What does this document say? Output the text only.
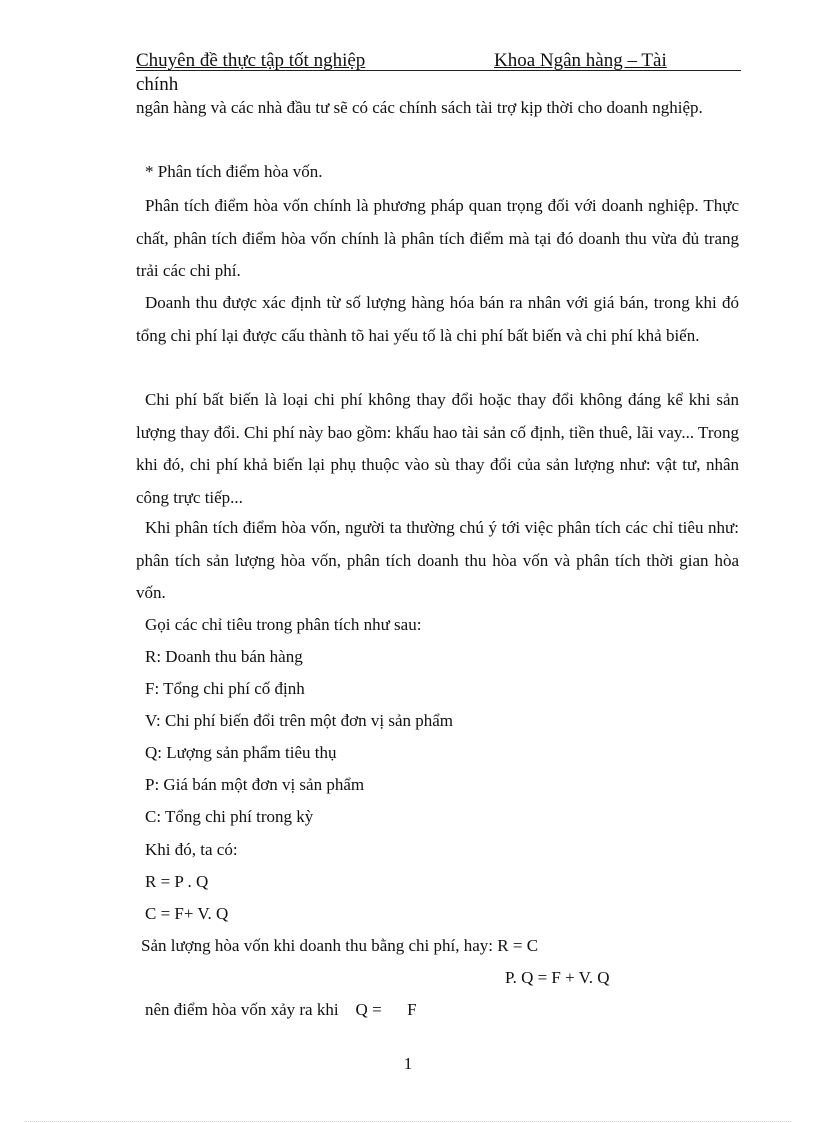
Chuyên đề thực tập tốt nghiệp	Khoa Ngân hàng – Tài
chính
ngân hàng và các nhà đầu tư sẽ có các chính sách tài trợ kịp thời cho doanh nghiệp.
* Phân tích điểm hòa vốn.
Phân tích điểm hòa vốn chính là phương pháp quan trọng đối với doanh nghiệp. Thực chất, phân tích điểm hòa vốn chính là phân tích điểm mà tại đó doanh thu vừa đủ trang trải các chi phí.
Doanh thu được xác định từ số lượng hàng hóa bán ra nhân với giá bán, trong khi đó tổng chi phí lại được cấu thành tõ hai yếu tố là chi phí bất biến và chi phí khả biến.
Chi phí bất biến là loại chi phí không thay đổi hoặc thay đổi không đáng kể khi sản lượng thay đổi. Chi phí này bao gồm: khấu hao tài sản cố định, tiền thuê, lãi vay... Trong khi đó, chi phí khả biến lại phụ thuộc vào sù thay đổi của sản lượng như: vật tư, nhân công trực tiếp...
Khi phân tích điểm hòa vốn, người ta thường chú ý tới việc phân tích các chỉ tiêu như: phân tích sản lượng hòa vốn, phân tích doanh thu hòa vốn và phân tích thời gian hòa vốn.
Gọi các chỉ tiêu trong phân tích như sau:
R: Doanh thu bán hàng
F: Tổng chi phí cố định
V: Chi phí biến đổi trên một đơn vị sản phẩm
Q: Lượng sản phẩm tiêu thụ
P: Giá bán một đơn vị sản phẩm
C: Tổng chi phí trong kỳ
Khi đó, ta có:
R = P . Q
C = F+ V. Q
Sản lượng hòa vốn khi doanh thu bằng chi phí, hay: R = C
P. Q = F + V. Q
nên điểm hòa vốn xảy ra khi    Q =      F
1
